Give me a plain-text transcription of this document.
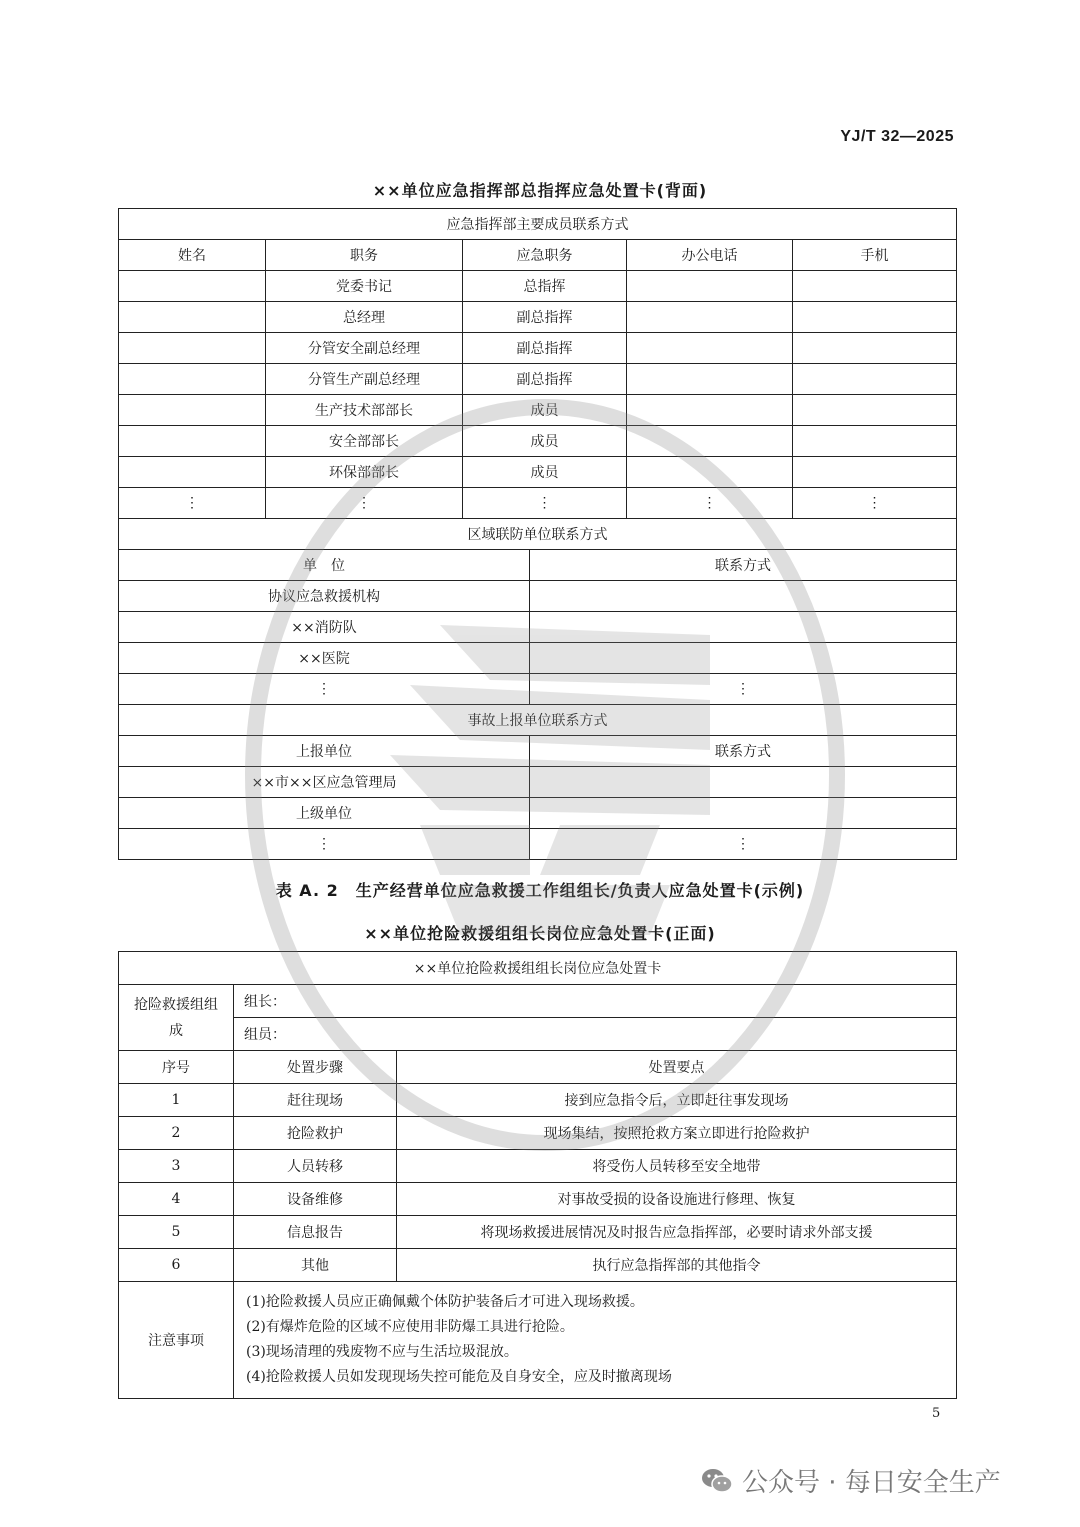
YJ/T 32—2025
××单位应急指挥部总指挥应急处置卡(背面)
应急指挥部主要成员联系方式					
姓名	职务	应急职务		办公电话	手机
	党委书记	总指挥			
	总经理	副总指挥			
	分管安全副总经理	副总指挥			
	分管生产副总经理	副总指挥			
	生产技术部部长	成员			
	安全部部长	成员			
	环保部部长	成员			
⋮	⋮	⋮		⋮	⋮
区域联防单位联系方式					
单　位			联系方式		
协议应急救援机构					
××消防队					
××医院					
⋮			⋮		
事故上报单位联系方式					
上报单位			联系方式		
××市××区应急管理局					
上级单位					
⋮			⋮		
表 A. 2　生产经营单位应急救援工作组组长/负责人应急处置卡(示例)
××单位抢险救援组组长岗位应急处置卡(正面)
××单位抢险救援组组长岗位应急处置卡		
抢险救援组组成	组长：	
	组员：	
序号	处置步骤	处置要点
1	赶往现场	接到应急指令后，立即赶往事发现场
2	抢险救护	现场集结，按照抢救方案立即进行抢险救护
3	人员转移	将受伤人员转移至安全地带
4	设备维修	对事故受损的设备设施进行修理、恢复
5	信息报告	将现场救援进展情况及时报告应急指挥部，必要时请求外部支援
6	其他	执行应急指挥部的其他指令
注意事项	(1)抢险救援人员应正确佩戴个体防护装备后才可进入现场救援。
(2)有爆炸危险的区域不应使用非防爆工具进行抢险。
(3)现场清理的残废物不应与生活垃圾混放。
(4)抢险救援人员如发现现场失控可能危及自身安全，应及时撤离现场	
5
公众号 · 每日安全生产
